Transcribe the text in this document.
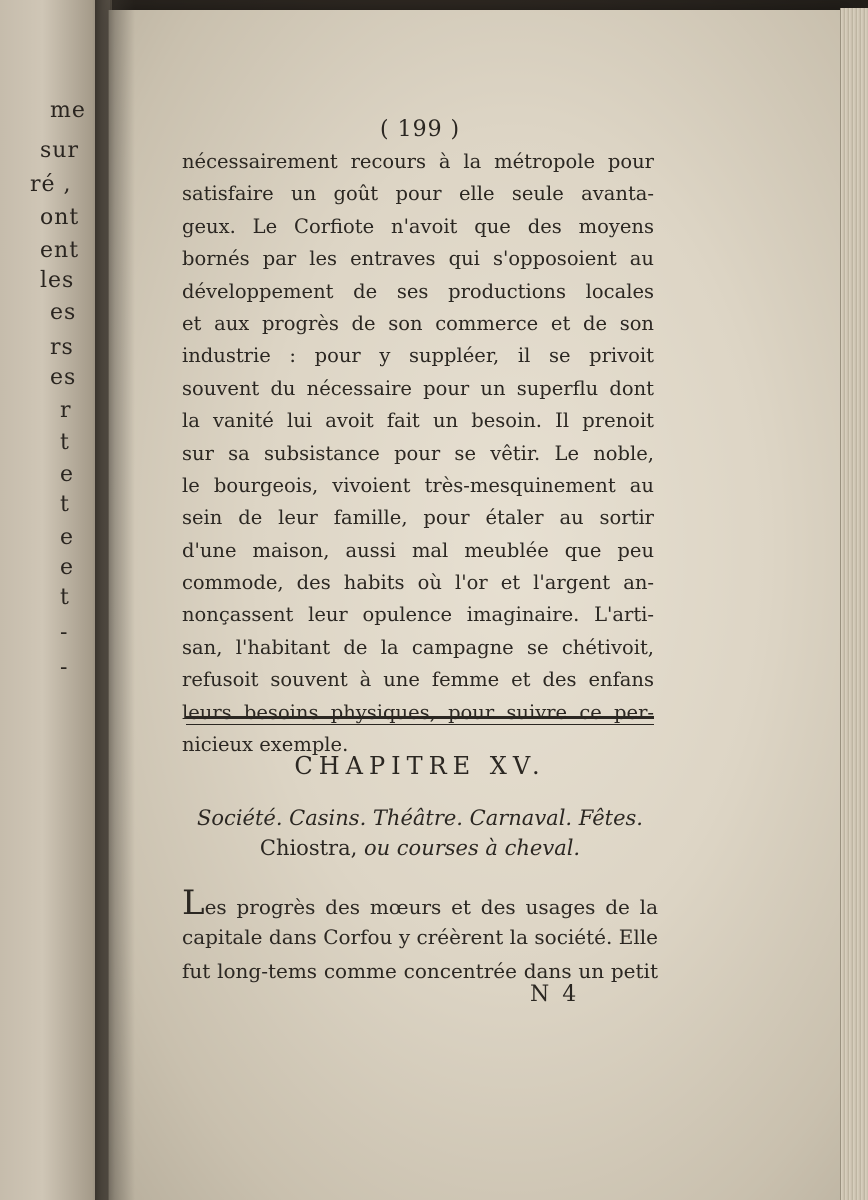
me
sur
ré ,
ont
ent
les
es
rs
es
r
t
e
t
e
e
t
-
-
( 199 )
nécessairement recours à la métropole pour
satisfaire un goût pour elle seule avanta-
geux. Le Corfiote n'avoit que des moyens
bornés par les entraves qui s'opposoient au
développement de ses productions locales
et aux progrès de son commerce et de son
industrie : pour y suppléer, il se privoit
souvent du nécessaire pour un superflu dont
la vanité lui avoit fait un besoin. Il prenoit
sur sa subsistance pour se vêtir. Le noble,
le bourgeois, vivoient très-mesquinement au
sein de leur famille, pour étaler au sortir
d'une maison, aussi mal meublée que peu
commode, des habits où l'or et l'argent an-
nonçassent leur opulence imaginaire. L'arti-
san, l'habitant de la campagne se chétivoit,
refusoit souvent à une femme et des enfans
leurs besoins physiques, pour suivre ce per-
nicieux exemple.
CHAPITRE XV.
Société. Casins. Théâtre. Carnaval. Fêtes.
Chiostra, ou courses à cheval.
Les progrès des mœurs et des usages de la
capitale dans Corfou y créèrent la société. Elle
fut long-tems comme concentrée dans un petit
N 4
